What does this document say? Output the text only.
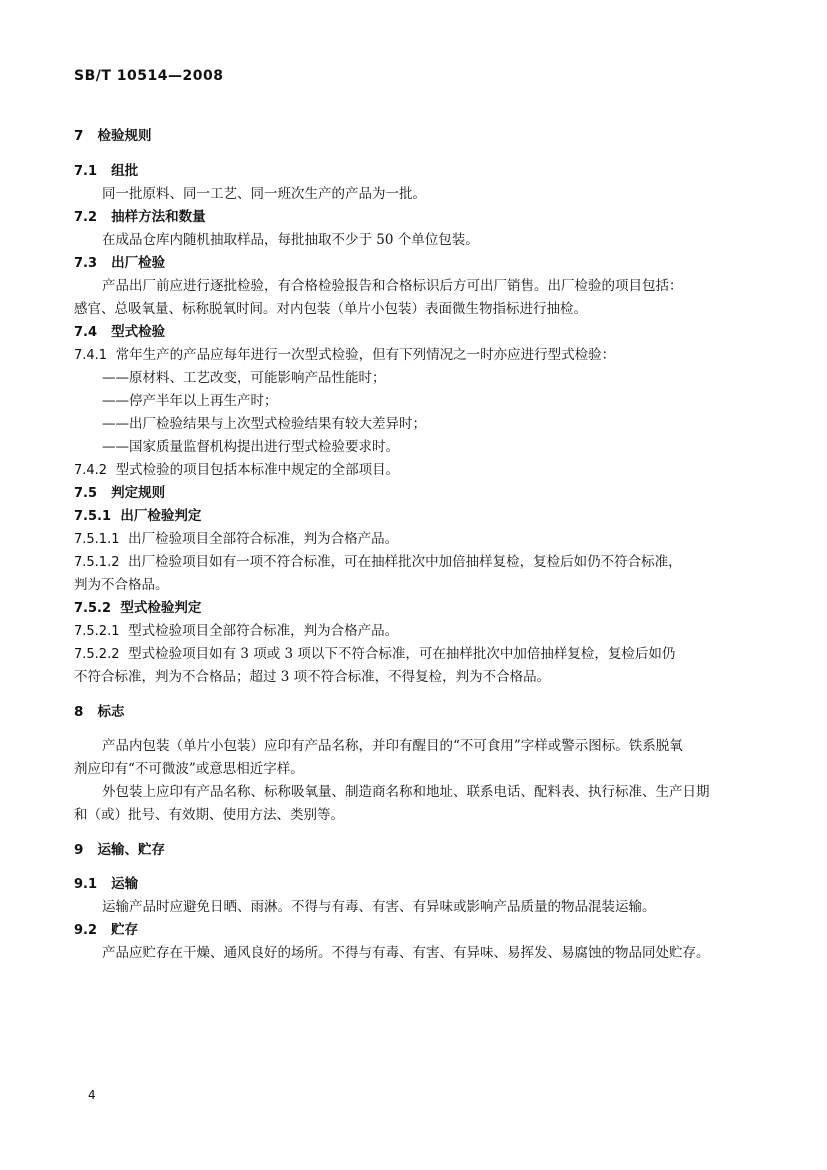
SB/T 10514—2008
7 检验规则
7.1 组批
同一批原料、同一工艺、同一班次生产的产品为一批。
7.2 抽样方法和数量
在成品仓库内随机抽取样品，每批抽取不少于 50 个单位包装。
7.3 出厂检验
产品出厂前应进行逐批检验，有合格检验报告和合格标识后方可出厂销售。出厂检验的项目包括：
感官、总吸氧量、标称脱氧时间。对内包装（单片小包装）表面微生物指标进行抽检。
7.4 型式检验
7.4.1 常年生产的产品应每年进行一次型式检验，但有下列情况之一时亦应进行型式检验：
——原材料、工艺改变，可能影响产品性能时；
——停产半年以上再生产时；
——出厂检验结果与上次型式检验结果有较大差异时；
——国家质量监督机构提出进行型式检验要求时。
7.4.2 型式检验的项目包括本标准中规定的全部项目。
7.5 判定规则
7.5.1 出厂检验判定
7.5.1.1 出厂检验项目全部符合标准，判为合格产品。
7.5.1.2 出厂检验项目如有一项不符合标准，可在抽样批次中加倍抽样复检，复检后如仍不符合标准，
判为不合格品。
7.5.2 型式检验判定
7.5.2.1 型式检验项目全部符合标准，判为合格产品。
7.5.2.2 型式检验项目如有 3 项或 3 项以下不符合标准，可在抽样批次中加倍抽样复检，复检后如仍
不符合标准，判为不合格品；超过 3 项不符合标准，不得复检，判为不合格品。
8 标志
产品内包装（单片小包装）应印有产品名称，并印有醒目的“不可食用”字样或警示图标。铁系脱氧
剂应印有“不可微波”或意思相近字样。
外包装上应印有产品名称、标称吸氧量、制造商名称和地址、联系电话、配料表、执行标准、生产日期
和（或）批号、有效期、使用方法、类别等。
9 运输、贮存
9.1 运输
运输产品时应避免日晒、雨淋。不得与有毒、有害、有异味或影响产品质量的物品混装运输。
9.2 贮存
产品应贮存在干燥、通风良好的场所。不得与有毒、有害、有异味、易挥发、易腐蚀的物品同处贮存。
4
